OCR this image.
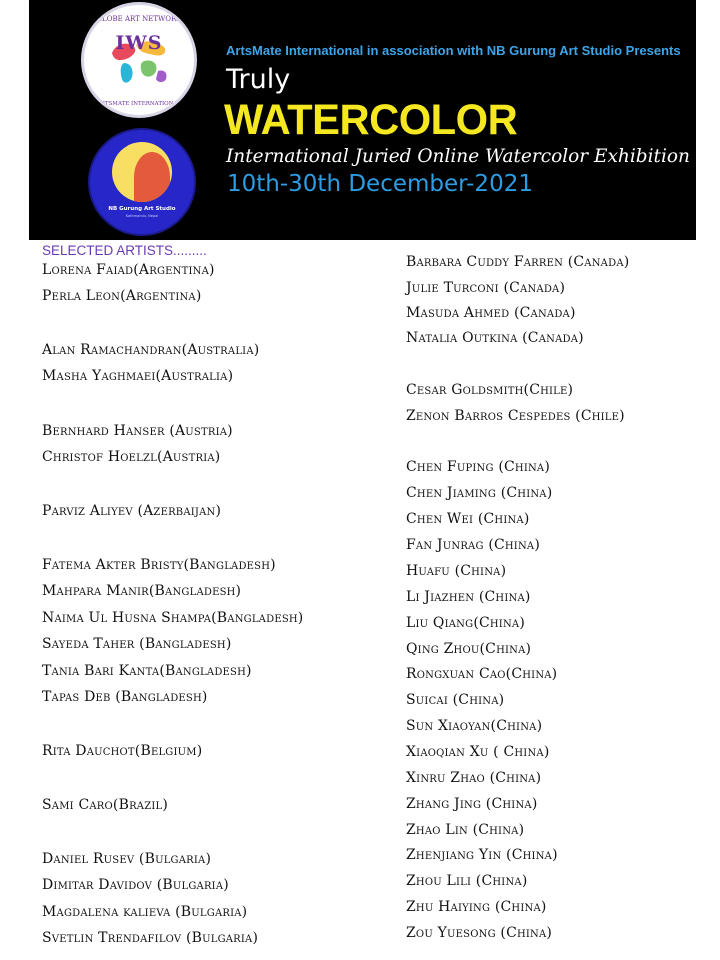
GLOBE ART NETWORK
ARTSMATE INTERNATIONAL
IWS
NB Gurung Art Studio
Kathmandu, Nepal
ArtsMate International in association with NB Gurung Art Studio Presents
Truly
WATERCOLOR
International Juried Online Watercolor Exhibition
10th-30th December-2021
SELECTED ARTISTS.........
Lorena Faiad(Argentina)
Perla Leon(Argentina)
Alan Ramachandran(Australia)
Masha Yaghmaei(Australia)
Bernhard Hanser (Austria)
Christof Hoelzl(Austria)
Parviz Aliyev (Azerbaijan)
Fatema Akter Bristy(Bangladesh)
Mahpara Manir(Bangladesh)
Naima Ul Husna Shampa(Bangladesh)
Sayeda Taher (Bangladesh)
Tania Bari Kanta(Bangladesh)
Tapas Deb (Bangladesh)
Rita Dauchot(Belgium)
Sami Caro(Brazil)
Daniel Rusev (Bulgaria)
Dimitar Davidov (Bulgaria)
Magdalena kalieva (Bulgaria)
Svetlin Trendafilov (Bulgaria)
Barbara Cuddy Farren (Canada)
Julie Turconi (Canada)
Masuda Ahmed (Canada)
Natalia Outkina (Canada)
Cesar Goldsmith(Chile)
Zenon Barros Cespedes (Chile)
Chen Fuping (China)
Chen Jiaming (China)
Chen Wei (China)
Fan Junrag (China)
Huafu (China)
Li Jiazhen (China)
Liu Qiang(China)
Qing Zhou(China)
Rongxuan Cao(China)
Suicai (China)
Sun Xiaoyan(China)
Xiaoqian Xu ( China)
Xinru Zhao (China)
Zhang Jing (China)
Zhao Lin (China)
Zhenjiang Yin (China)
Zhou Lili (China)
Zhu Haiying (China)
Zou Yuesong (China)
